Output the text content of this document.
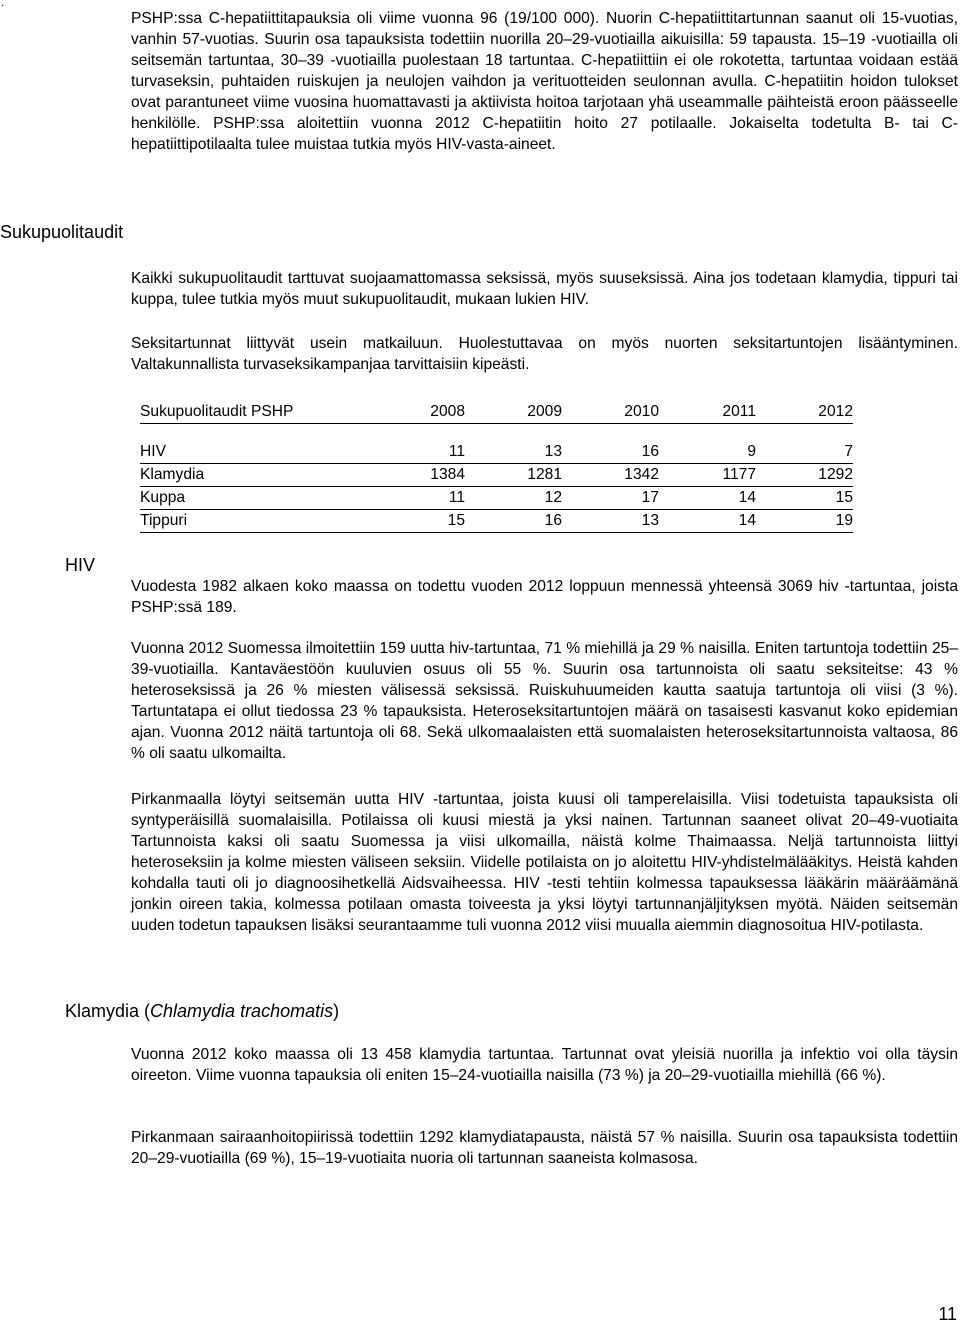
.

PSHP:ssa C-hepatiittitapauksia oli viime vuonna 96 (19/100 000). Nuorin C-hepatiittitartunnan saanut oli 15-vuotias, vanhin 57-vuotias. Suurin osa tapauksista todettiin nuorilla 20–29-vuotiailla aikuisilla: 59 tapausta. 15–19 -vuotiailla oli seitsemän tartuntaa, 30–39 -vuotiailla puolestaan 18 tartuntaa. C-hepatiittiin ei ole rokotetta, tartuntaa voidaan estää turvaseksin, puhtaiden ruiskujen ja neulojen vaihdon ja verituotteiden seulonnan avulla. C-hepatiitin hoidon tulokset ovat parantuneet viime vuosina huomattavasti ja aktiivista hoitoa tarjotaan yhä useammalle päihteistä eroon päässeelle henkilölle. PSHP:ssa aloitettiin vuonna 2012 C-hepatiitin hoito 27 potilaalle. Jokaiselta todetulta B- tai C-hepatiittipotilaalta tulee muistaa tutkia myös HIV-vasta-aineet.

Sukupuolitaudit

Kaikki sukupuolitaudit tarttuvat suojaamattomassa seksissä, myös suuseksissä. Aina jos todetaan klamydia, tippuri tai kuppa, tulee tutkia myös muut sukupuolitaudit, mukaan lukien HIV.

Seksitartunnat liittyvät usein matkailuun. Huolestuttavaa on myös nuorten seksitartuntojen lisääntyminen. Valtakunnallista turvaseksikampanjaa tarvittaisiin kipeästi.

Sukupuolitaudit PSHP	2008	2009	2010	2011	2012

HIV	11	13	16	9	7
Klamydia	1384	1281	1342	1177	1292
Kuppa	11	12	17	14	15
Tippuri	15	16	13	14	19
HIV

Vuodesta 1982 alkaen koko maassa on todettu vuoden 2012 loppuun mennessä yhteensä 3069 hiv -tartuntaa, joista PSHP:ssä 189.

Vuonna 2012 Suomessa ilmoitettiin 159 uutta hiv-tartuntaa, 71 % miehillä ja 29 % naisilla. Eniten tartuntoja todettiin 25–39-vuotiailla. Kantaväestöön kuuluvien osuus oli 55 %. Suurin osa tartunnoista oli saatu seksiteitse: 43 % heteroseksissä ja 26 % miesten välisessä seksissä. Ruiskuhuumeiden kautta saatuja tartuntoja oli viisi (3 %). Tartuntatapa ei ollut tiedossa 23 % tapauksista. Heteroseksitartuntojen määrä on tasaisesti kasvanut koko epidemian ajan. Vuonna 2012 näitä tartuntoja oli 68. Sekä ulkomaalaisten että suomalaisten heteroseksitartunnoista valtaosa, 86 % oli saatu ulkomailta.

Pirkanmaalla löytyi seitsemän uutta HIV -tartuntaa, joista kuusi oli tamperelaisilla. Viisi todetuista tapauksista oli syntyperäisillä suomalaisilla. Potilaissa oli kuusi miestä ja yksi nainen. Tartunnan saaneet olivat 20–49-vuotiaita Tartunnoista kaksi oli saatu Suomessa ja viisi ulkomailla, näistä kolme Thaimaassa. Neljä tartunnoista liittyi heteroseksiin ja kolme miesten väliseen seksiin. Viidelle potilaista on jo aloitettu HIV-yhdistelmälääkitys. Heistä kahden kohdalla tauti oli jo diagnoosihetkellä Aidsvaiheessa. HIV -testi tehtiin kolmessa tapauksessa lääkärin määräämänä jonkin oireen takia, kolmessa potilaan omasta toiveesta ja yksi löytyi tartunnanjäljityksen myötä. Näiden seitsemän uuden todetun tapauksen lisäksi seurantaamme tuli vuonna 2012 viisi muualla aiemmin diagnosoitua HIV-potilasta.

Klamydia (Chlamydia trachomatis)

Vuonna 2012 koko maassa oli 13 458 klamydia tartuntaa. Tartunnat ovat yleisiä nuorilla ja infektio voi olla täysin oireeton. Viime vuonna tapauksia oli eniten 15–24-vuotiailla naisilla (73 %) ja 20–29-vuotiailla miehillä (66 %).

Pirkanmaan sairaanhoitopiirissä todettiin 1292 klamydiatapausta, näistä 57 % naisilla. Suurin osa tapauksista todettiin 20–29-vuotiailla (69 %), 15–19-vuotiaita nuoria oli tartunnan saaneista kolmasosa.

11
